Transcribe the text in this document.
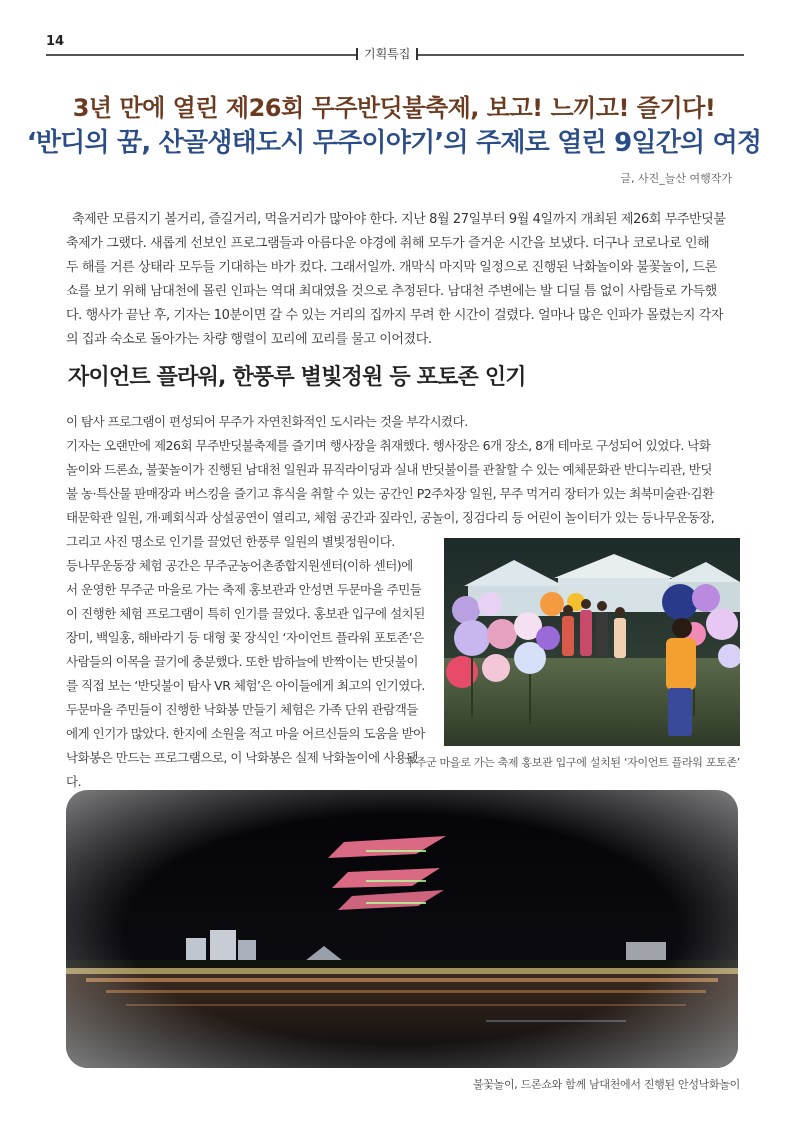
14
기획특집
3년 만에 열린 제26회 무주반딧불축제, 보고! 느끼고! 즐기다!
‘반디의 꿈, 산골생태도시 무주이야기’의 주제로 열린 9일간의 여정
글, 사진_늘산 여행작가
축제란 모름지기 볼거리, 즐길거리, 먹을거리가 많아야 한다. 지난 8월 27일부터 9월 4일까지 개최된 제26회 무주반딧불
축제가 그랬다. 새롭게 선보인 프로그램들과 아름다운 야경에 취해 모두가 즐거운 시간을 보냈다. 더구나 코로나로 인해
두 해를 거른 상태라 모두들 기대하는 바가 컸다. 그래서일까. 개막식 마지막 일정으로 진행된 낙화놀이와 불꽃놀이, 드론
쇼를 보기 위해 남대천에 몰린 인파는 역대 최대였을 것으로 추정된다. 남대천 주변에는 발 디딜 틈 없이 사람들로 가득했
다. 행사가 끝난 후, 기자는 10분이면 갈 수 있는 거리의 집까지 무려 한 시간이 걸렸다. 얼마나 많은 인파가 몰렸는지 각자
의 집과 숙소로 돌아가는 차량 행렬이 꼬리에 꼬리를 물고 이어졌다.
자이언트 플라워, 한풍루 별빛정원 등 포토존 인기
이 탐사 프로그램이 편성되어 무주가 자연친화적인 도시라는 것을 부각시켰다.
기자는 오랜만에 제26회 무주반딧불축제를 즐기며 행사장을 취재했다. 행사장은 6개 장소, 8개 테마로 구성되어 있었다. 낙화
놀이와 드론쇼, 불꽃놀이가 진행된 남대천 일원과 뮤직라이딩과 실내 반딧불이를 관찰할 수 있는 예체문화관 반디누리관, 반딧
불 농·특산물 판매장과 버스킹을 즐기고 휴식을 취할 수 있는 공간인 P2주차장 일원, 무주 먹거리 장터가 있는 최북미술관·김환
태문학관 일원, 개·폐회식과 상설공연이 열리고, 체험 공간과 짚라인, 공놀이, 징검다리 등 어린이 놀이터가 있는 등나무운동장,
그리고 사진 명소로 인기를 끌었던 한풍루 일원의 별빛정원이다.
등나무운동장 체험 공간은 무주군농어촌종합지원센터(이하 센터)에
서 운영한 무주군 마을로 가는 축제 홍보관과 안성면 두문마을 주민들
이 진행한 체험 프로그램이 특히 인기를 끌었다. 홍보관 입구에 설치된
장미, 백일홍, 해바라기 등 대형 꽃 장식인 ‘자이언트 플라워 포토존’은
사람들의 이목을 끌기에 충분했다. 또한 밤하늘에 반짝이는 반딧불이
를 직접 보는 ‘반딧불이 탐사 VR 체험’은 아이들에게 최고의 인기였다.
두문마을 주민들이 진행한 낙화봉 만들기 체험은 가족 단위 관람객들
에게 인기가 많았다. 한지에 소원을 적고 마을 어르신들의 도움을 받아
낙화봉은 만드는 프로그램으로, 이 낙화봉은 실제 낙화놀이에 사용됐
다.
무주군 마을로 가는 축제 홍보관 입구에 설치된 ‘자이언트 플라워 포토존’
불꽃놀이, 드론쇼와 함께 남대천에서 진행된 안성낙화놀이
